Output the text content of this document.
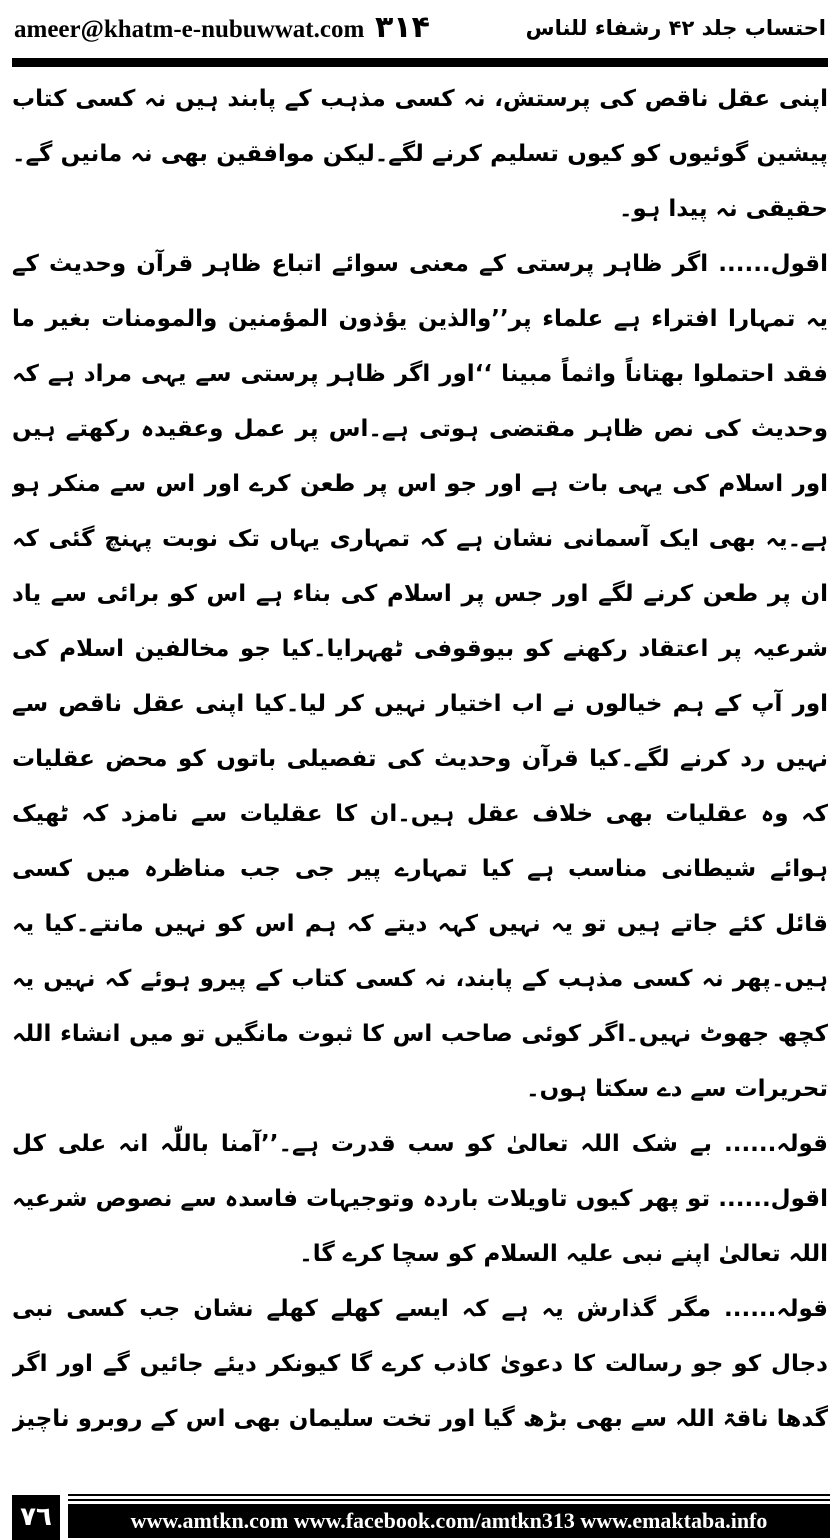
ameer@khatm-e-nubuwwat.com ۳۱۴	احتساب جلد ۴۲ رشفاء للناس
اپنی عقل ناقص کی پرستش، نہ کسی مذہب کے پابند ہیں نہ کسی کتاب
پیشین گوئیوں کو کیوں تسلیم کرنے لگے۔لیکن موافقین بھی نہ مانیں گے۔
حقیقی نہ پیدا ہو۔
اقول...... اگر ظاہر پرستی کے معنی سوائے اتباع ظاہر قرآن وحدیث کے
یہ تمہارا افتراء ہے علماء پر’’والذین یؤذون المؤمنین والمومنات بغیر ما
فقد احتملوا بھتاناً واثماً مبینا ‘‘اور اگر ظاہر پرستی سے یہی مراد ہے کہ
وحدیث کی نص ظاہر مقتضی ہوتی ہے۔اس پر عمل وعقیدہ رکھتے ہیں
اور اسلام کی یہی بات ہے اور جو اس پر طعن کرے اور اس سے منکر ہو
ہے۔یہ بھی ایک آسمانی نشان ہے کہ تمہاری یہاں تک نوبت پہنچ گئی کہ
ان پر طعن کرنے لگے اور جس پر اسلام کی بناء ہے اس کو برائی سے یاد
شرعیہ پر اعتقاد رکھنے کو بیوقوفی ٹھہرایا۔کیا جو مخالفین اسلام کی
اور آپ کے ہم خیالوں نے اب اختیار نہیں کر لیا۔کیا اپنی عقل ناقص سے
نہیں رد کرنے لگے۔کیا قرآن وحدیث کی تفصیلی باتوں کو محض عقلیات
کہ وہ عقلیات بھی خلاف عقل ہیں۔ان کا عقلیات سے نامزد کہ ٹھیک
ہوائے شیطانی مناسب ہے کیا تمہارے پیر جی جب مناظرہ میں کسی
قائل کئے جاتے ہیں تو یہ نہیں کہہ دیتے کہ ہم اس کو نہیں مانتے۔کیا یہ
ہیں۔پھر نہ کسی مذہب کے پابند، نہ کسی کتاب کے پیرو ہوئے کہ نہیں یہ
کچھ جھوٹ نہیں۔اگر کوئی صاحب اس کا ثبوت مانگیں تو میں انشاء اللہ
تحریرات سے دے سکتا ہوں۔
قولہ...... بے شک اللہ تعالیٰ کو سب قدرت ہے۔’’آمنا باللّٰہ انہ علی کل
اقول...... تو پھر کیوں تاویلات باردہ وتوجیہات فاسدہ سے نصوص شرعیہ
اللہ تعالیٰ اپنے نبی علیہ السلام کو سچا کرے گا۔
قولہ...... مگر گذارش یہ ہے کہ ایسے کھلے کھلے نشان جب کسی نبی
دجال کو جو رسالت کا دعویٰ کاذب کرے گا کیونکر دیئے جائیں گے اور اگر
گدھا ناقۃ اللہ سے بھی بڑھ گیا اور تخت سلیمان بھی اس کے روبرو ناچیز
۷٦	www.amtkn.com www.facebook.com/amtkn313 www.emaktaba.info
